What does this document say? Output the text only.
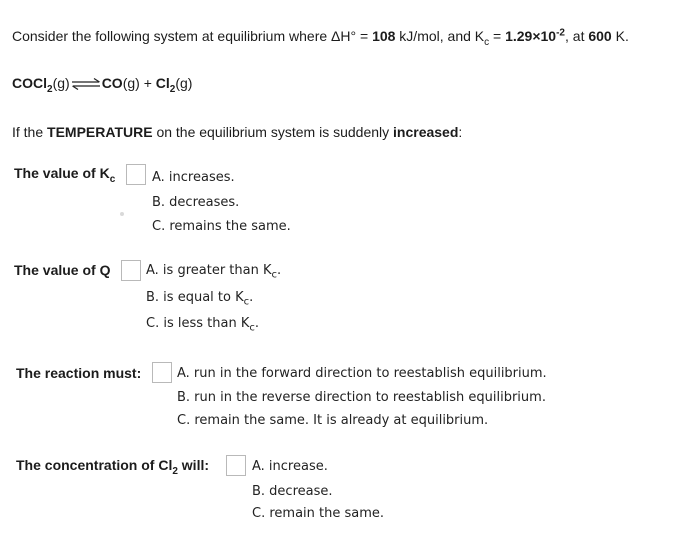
Consider the following system at equilibrium where ΔH° = 108 kJ/mol, and $K_c = 1.29\times 10^{-2}$, at 600 K.
COCl$_2$(g)⇌CO(g) + $Cl_2(g)$
If the TEMPERATURE on the equilibrium system is suddenly increased:
The value of $K_c$	A. increases.
B. decreases.
C. remains the same.
The value of Q	A. is greater than $K_c$.
B. is equal to $K_c$.
C. is less than $K_c$.
The reaction must:	A. run in the forward direction to reestablish equilibrium.
B. run in the reverse direction to reestablish equilibrium.
C. remain the same. It is already at equilibrium.
The concentration of $Cl_2$ will:	A. increase.
B. decrease.
C. remain the same.
